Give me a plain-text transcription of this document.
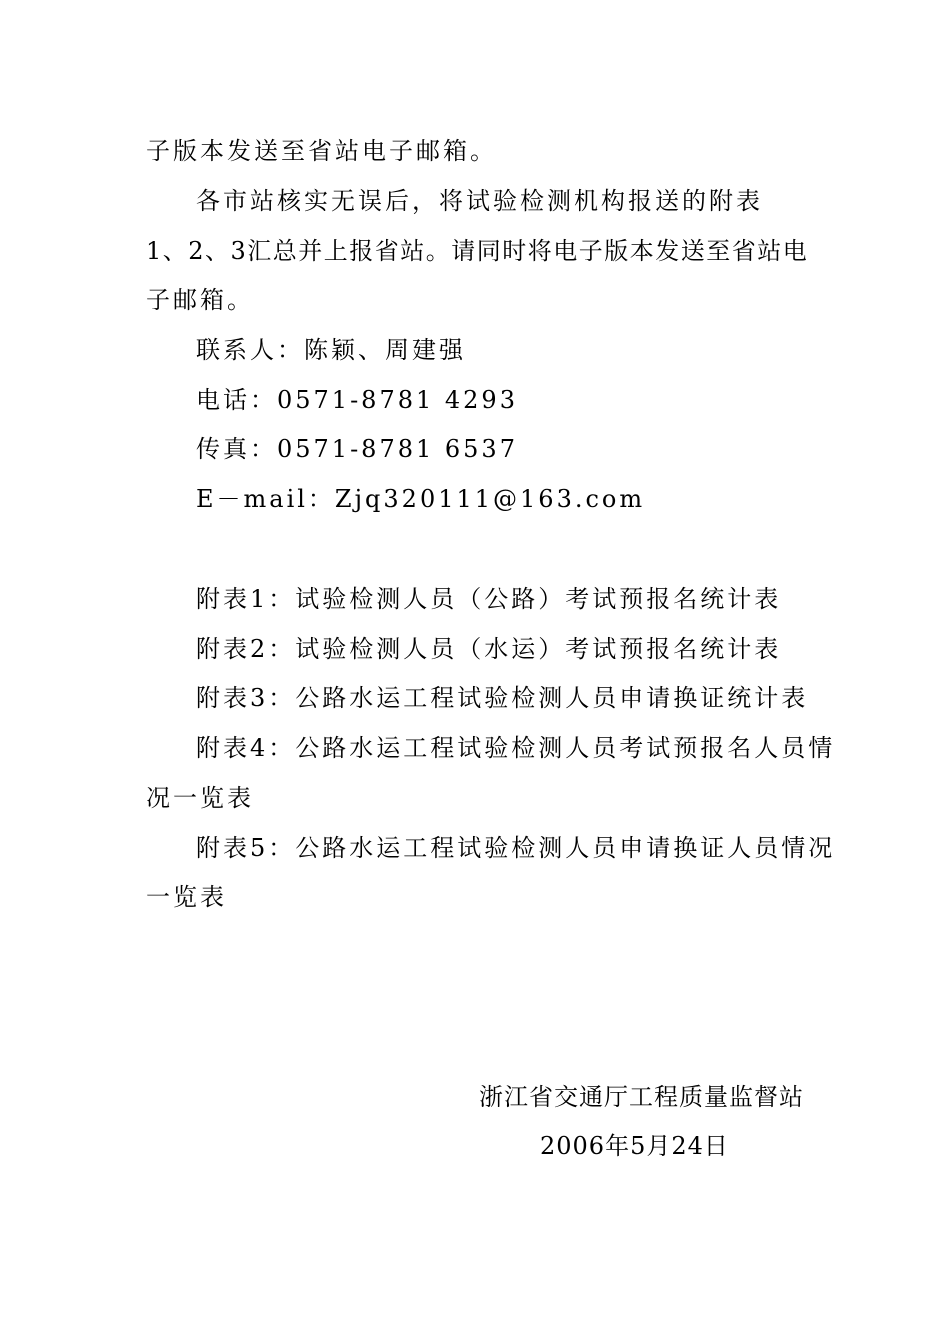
子版本发送至省站电子邮箱。
各市站核实无误后，将试验检测机构报送的附表
1、2、3汇总并上报省站。请同时将电子版本发送至省站电
子邮箱。
联系人：陈颖、周建强
电话：0571-8781 4293
传真：0571-8781 6537
E－mail：Zjq320111@163.com
附表1：试验检测人员（公路）考试预报名统计表
附表2：试验检测人员（水运）考试预报名统计表
附表3：公路水运工程试验检测人员申请换证统计表
附表4：公路水运工程试验检测人员考试预报名人员情
况一览表
附表5：公路水运工程试验检测人员申请换证人员情况
一览表
浙江省交通厅工程质量监督站
2006年5月24日
